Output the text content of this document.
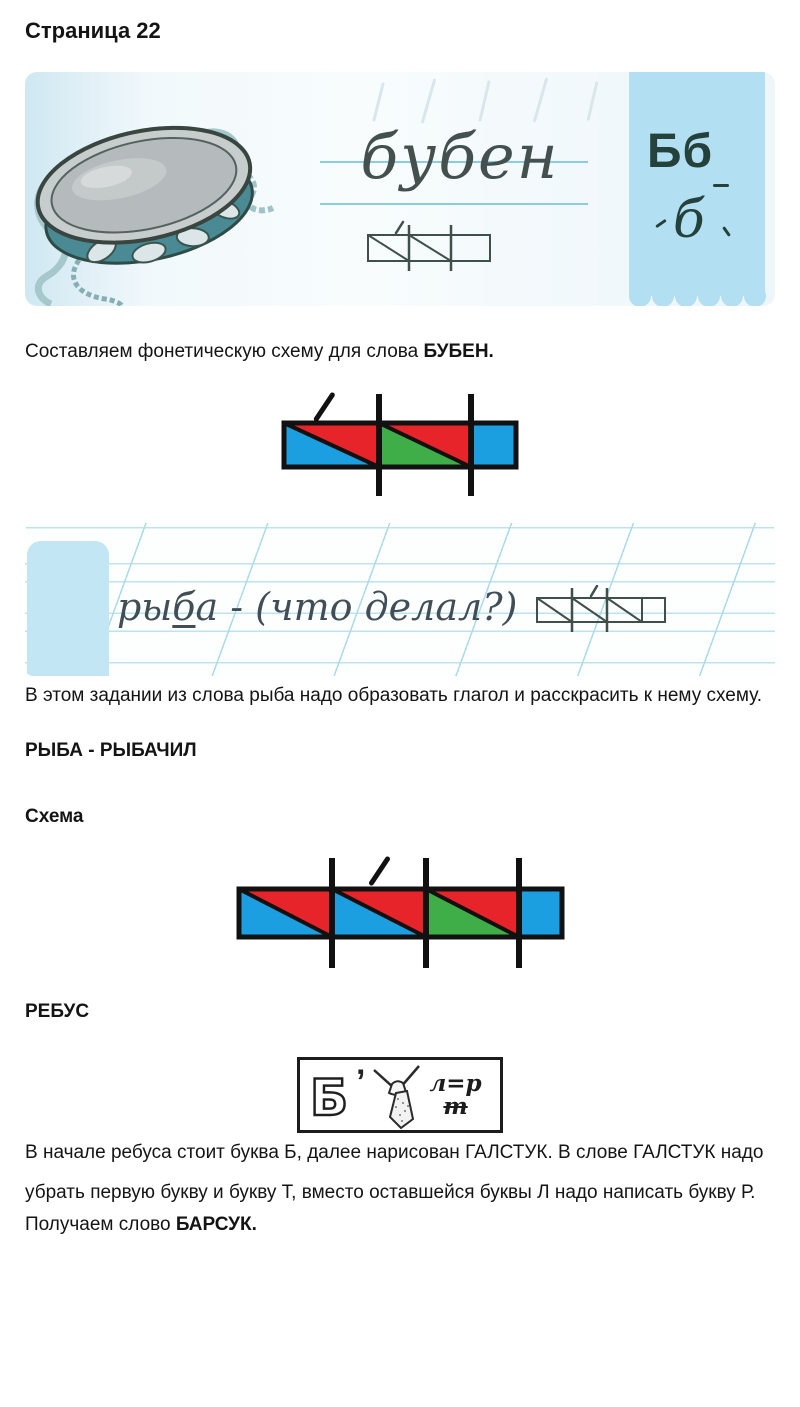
Страница 22
бубен	Бб
б

Составляем фонетическую схему для слова БУБЕН.

рыба - (что делал?)

В этом задании из слова рыба надо образовать глагол и расскрасить к нему схему.

РЫБА - РЫБАЧИЛ
Схема
РЕБУС
Б ’	л=р
т

В начале ребуса стоит буква Б, далее нарисован ГАЛСТУК. В слове ГАЛСТУК надо убрать первую букву и букву Т, вместо оставшейся буквы Л надо написать букву Р.

Получаем слово БАРСУК.
